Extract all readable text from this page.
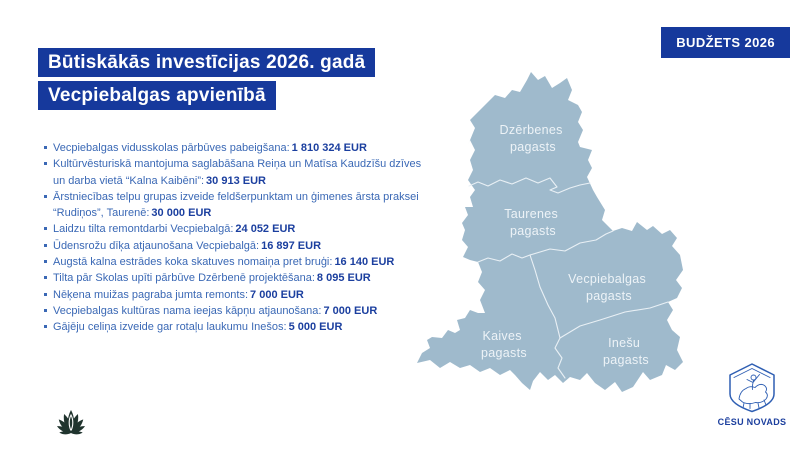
BUDŽETS 2026
Būtiskākās investīcijas 2026. gadā
Vecpiebalgas apvienībā
Vecpiebalgas vidusskolas pārbūves pabeigšana: 1 810 324 EUR
Kultūrvēsturiskā mantojuma saglabāšana Reiņa un Matīsa Kaudzīšu dzīves un darba vietā “Kalna Kaibēni”: 30 913 EUR
Ārstniecības telpu grupas izveide feldšerpunktam un ģimenes ārsta praksei “Rudiņos”, Taurenē: 30 000 EUR
Laidzu tilta remontdarbi Vecpiebalgā: 24 052 EUR
Ūdensrožu dīķa atjaunošana Vecpiebalgā: 16 897 EUR
Augstā kalna estrādes koka skatuves nomaiņa pret bruģi: 16 140 EUR
Tilta pār Skolas upīti pārbūve Dzērbenē projektēšana: 8 095 EUR
Nēķena muižas pagraba jumta remonts: 7 000 EUR
Vecpiebalgas kultūras nama ieejas kāpņu atjaunošana: 7 000 EUR
Gājēju celiņa izveide gar rotaļu laukumu Inešos: 5 000 EUR
Dzērbenes pagasts
Taurenes pagasts
Vecpiebalgas pagasts
Kaives pagasts
Inešu pagasts
CĒSU NOVADS
